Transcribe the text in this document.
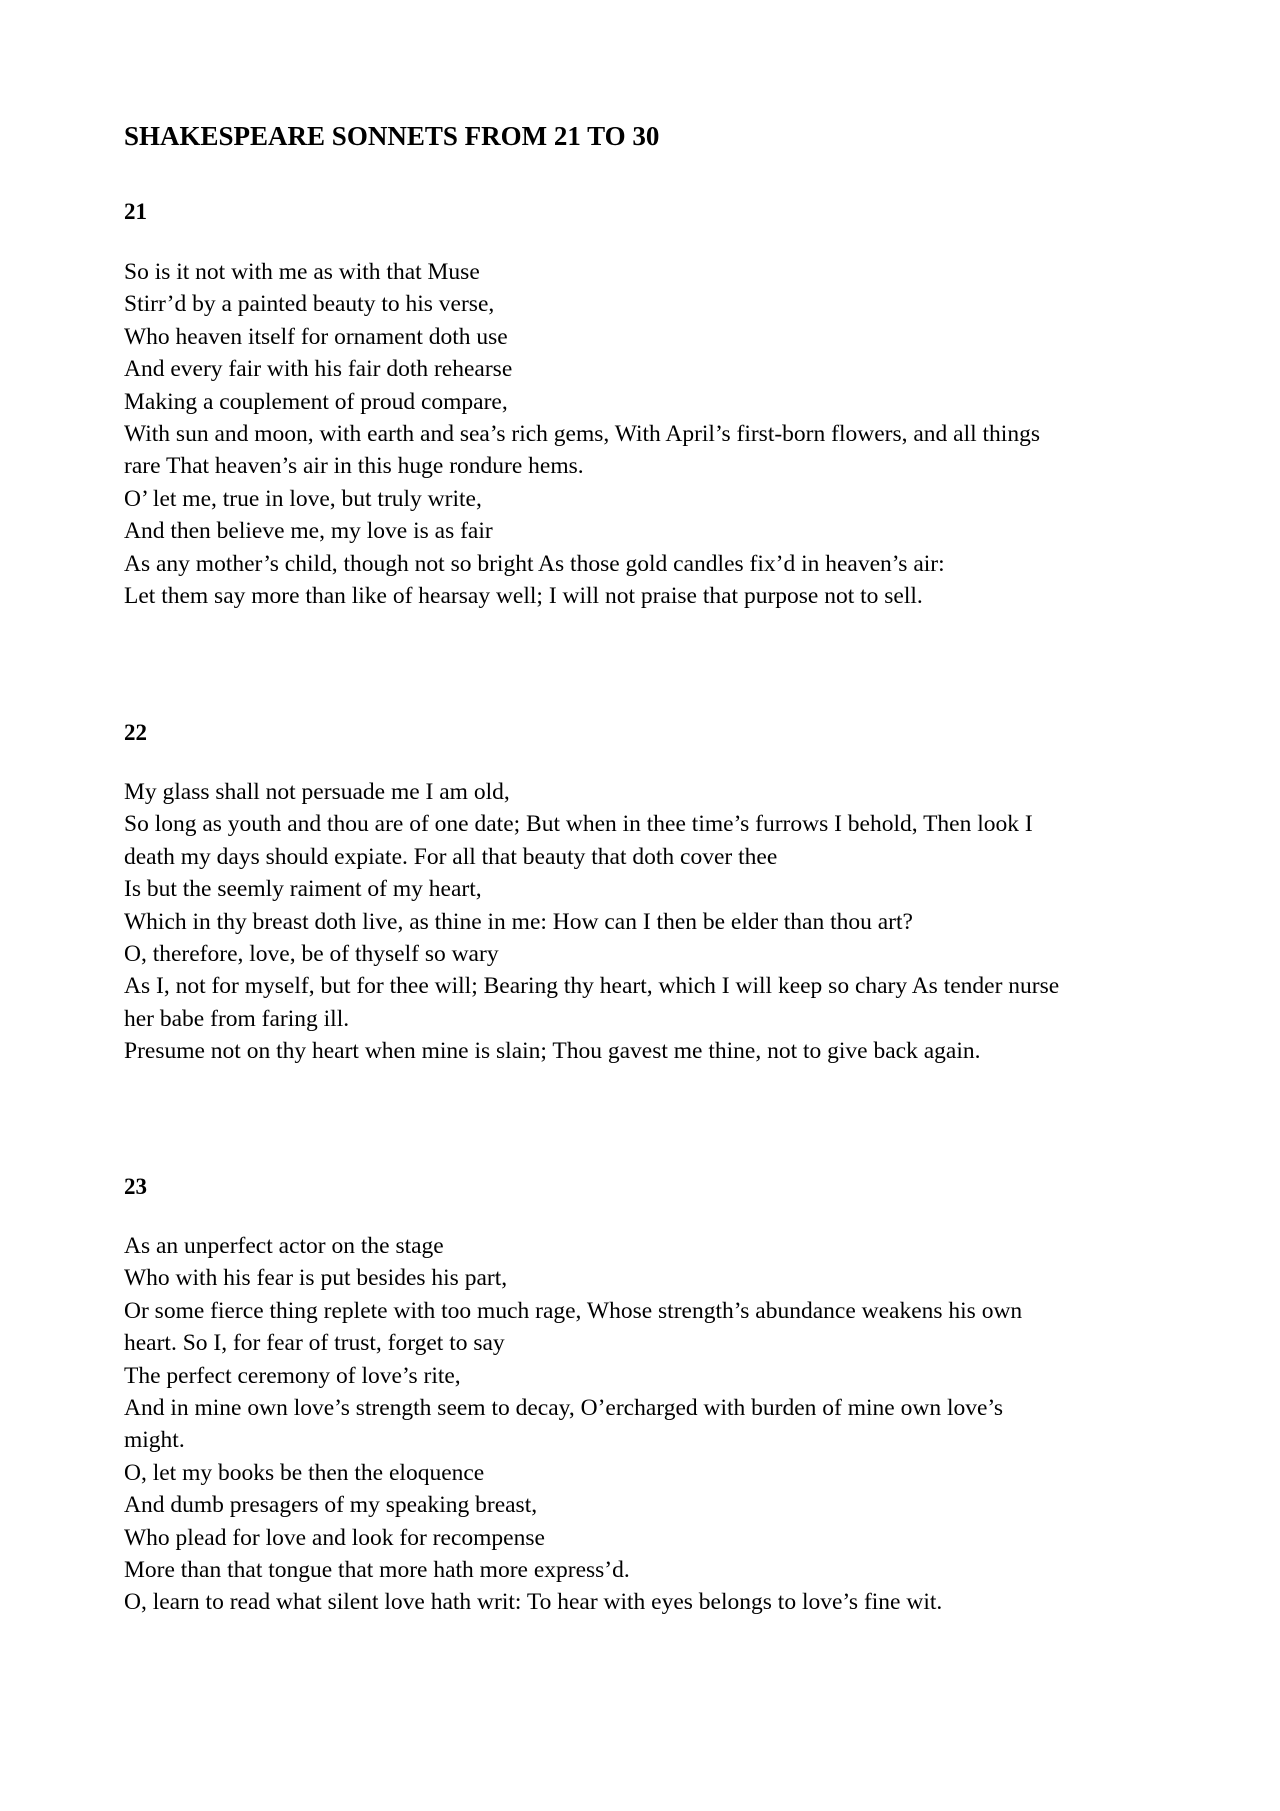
SHAKESPEARE SONNETS FROM 21 TO 30
21

So is it not with me as with that Muse

Stirr’d by a painted beauty to his verse,

Who heaven itself for ornament doth use

And every fair with his fair doth rehearse

Making a couplement of proud compare,

With sun and moon, with earth and sea’s rich gems, With April’s first-born flowers, and all things

rare That heaven’s air in this huge rondure hems.

O’ let me, true in love, but truly write,

And then believe me, my love is as fair

As any mother’s child, though not so bright As those gold candles fix’d in heaven’s air:

Let them say more than like of hearsay well; I will not praise that purpose not to sell.

22

My glass shall not persuade me I am old,

So long as youth and thou are of one date; But when in thee time’s furrows I behold, Then look I

death my days should expiate. For all that beauty that doth cover thee

Is but the seemly raiment of my heart,

Which in thy breast doth live, as thine in me: How can I then be elder than thou art?

O, therefore, love, be of thyself so wary

As I, not for myself, but for thee will; Bearing thy heart, which I will keep so chary As tender nurse

her babe from faring ill.

Presume not on thy heart when mine is slain; Thou gavest me thine, not to give back again.

23

As an unperfect actor on the stage

Who with his fear is put besides his part,

Or some fierce thing replete with too much rage, Whose strength’s abundance weakens his own

heart. So I, for fear of trust, forget to say

The perfect ceremony of love’s rite,

And in mine own love’s strength seem to decay, O’ercharged with burden of mine own love’s

might.

O, let my books be then the eloquence

And dumb presagers of my speaking breast,

Who plead for love and look for recompense

More than that tongue that more hath more express’d.

O, learn to read what silent love hath writ: To hear with eyes belongs to love’s fine wit.
